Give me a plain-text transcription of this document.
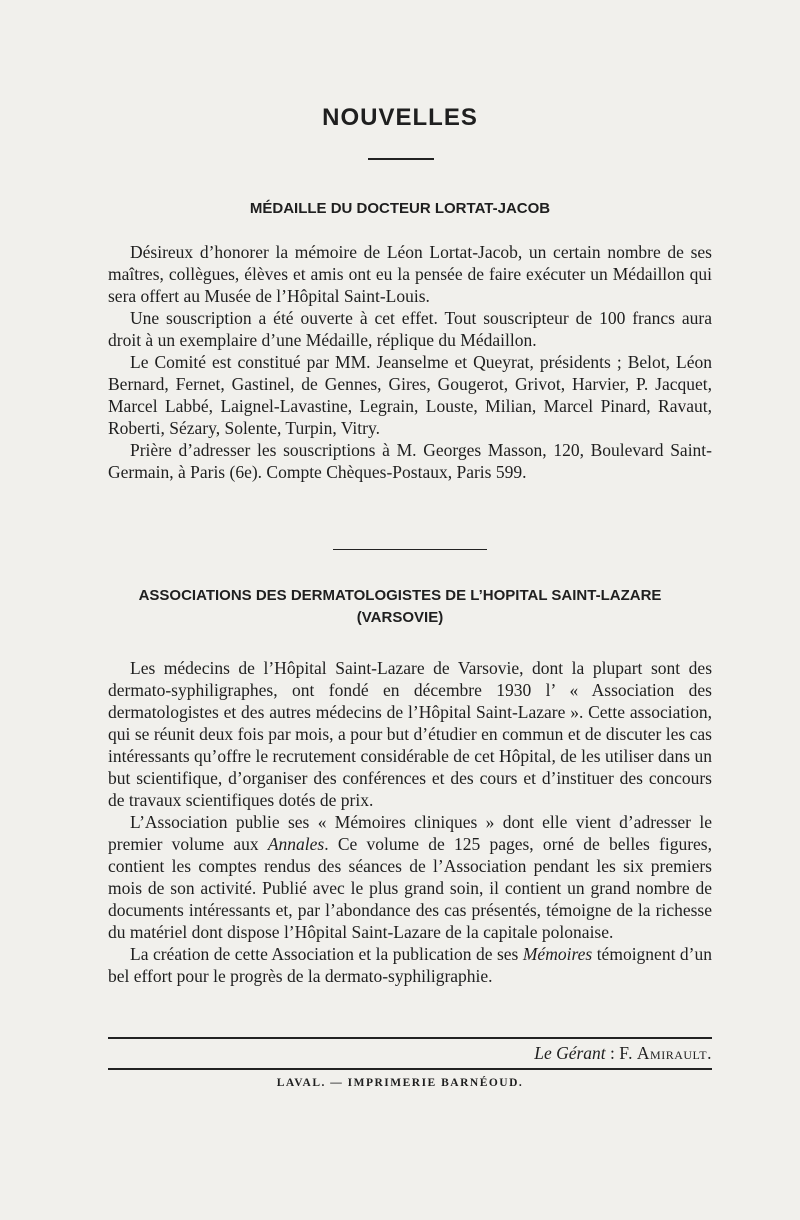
NOUVELLES
MÉDAILLE DU DOCTEUR LORTAT-JACOB

Désireux d’honorer la mémoire de Léon Lortat-Jacob, un certain nombre de ses maîtres, collègues, élèves et amis ont eu la pensée de faire exécuter un Médaillon qui sera offert au Musée de l’Hôpital Saint-Louis.

Une souscription a été ouverte à cet effet. Tout souscripteur de 100 francs aura droit à un exemplaire d’une Médaille, réplique du Médaillon.

Le Comité est constitué par MM. Jeanselme et Queyrat, présidents ; Belot, Léon Bernard, Fernet, Gastinel, de Gennes, Gires, Gougerot, Grivot, Harvier, P. Jacquet, Marcel Labbé, Laignel-Lavastine, Legrain, Louste, Milian, Marcel Pinard, Ravaut, Roberti, Sézary, Solente, Turpin, Vitry.

Prière d’adresser les souscriptions à M. Georges Masson, 120, Boulevard Saint-Germain, à Paris (6e). Compte Chèques-Postaux, Paris 599.

ASSOCIATIONS DES DERMATOLOGISTES DE L’HOPITAL SAINT-LAZARE
(VARSOVIE)

Les médecins de l’Hôpital Saint-Lazare de Varsovie, dont la plupart sont des dermato-syphiligraphes, ont fondé en décembre 1930 l’ « Association des dermatologistes et des autres médecins de l’Hôpital Saint-Lazare ». Cette association, qui se réunit deux fois par mois, a pour but d’étudier en commun et de discuter les cas intéressants qu’offre le recrutement considérable de cet Hôpital, de les utiliser dans un but scientifique, d’organiser des conférences et des cours et d’instituer des concours de travaux scientifiques dotés de prix.

L’Association publie ses « Mémoires cliniques » dont elle vient d’adresser le premier volume aux Annales. Ce volume de 125 pages, orné de belles figures, contient les comptes rendus des séances de l’Association pendant les six premiers mois de son activité. Publié avec le plus grand soin, il contient un grand nombre de documents intéressants et, par l’abondance des cas présentés, témoigne de la richesse du matériel dont dispose l’Hôpital Saint-Lazare de la capitale polonaise.

La création de cette Association et la publication de ses Mémoires témoignent d’un bel effort pour le progrès de la dermato-syphiligraphie.

Le Gérant : F. Amirault.

LAVAL. — IMPRIMERIE BARNÉOUD.
